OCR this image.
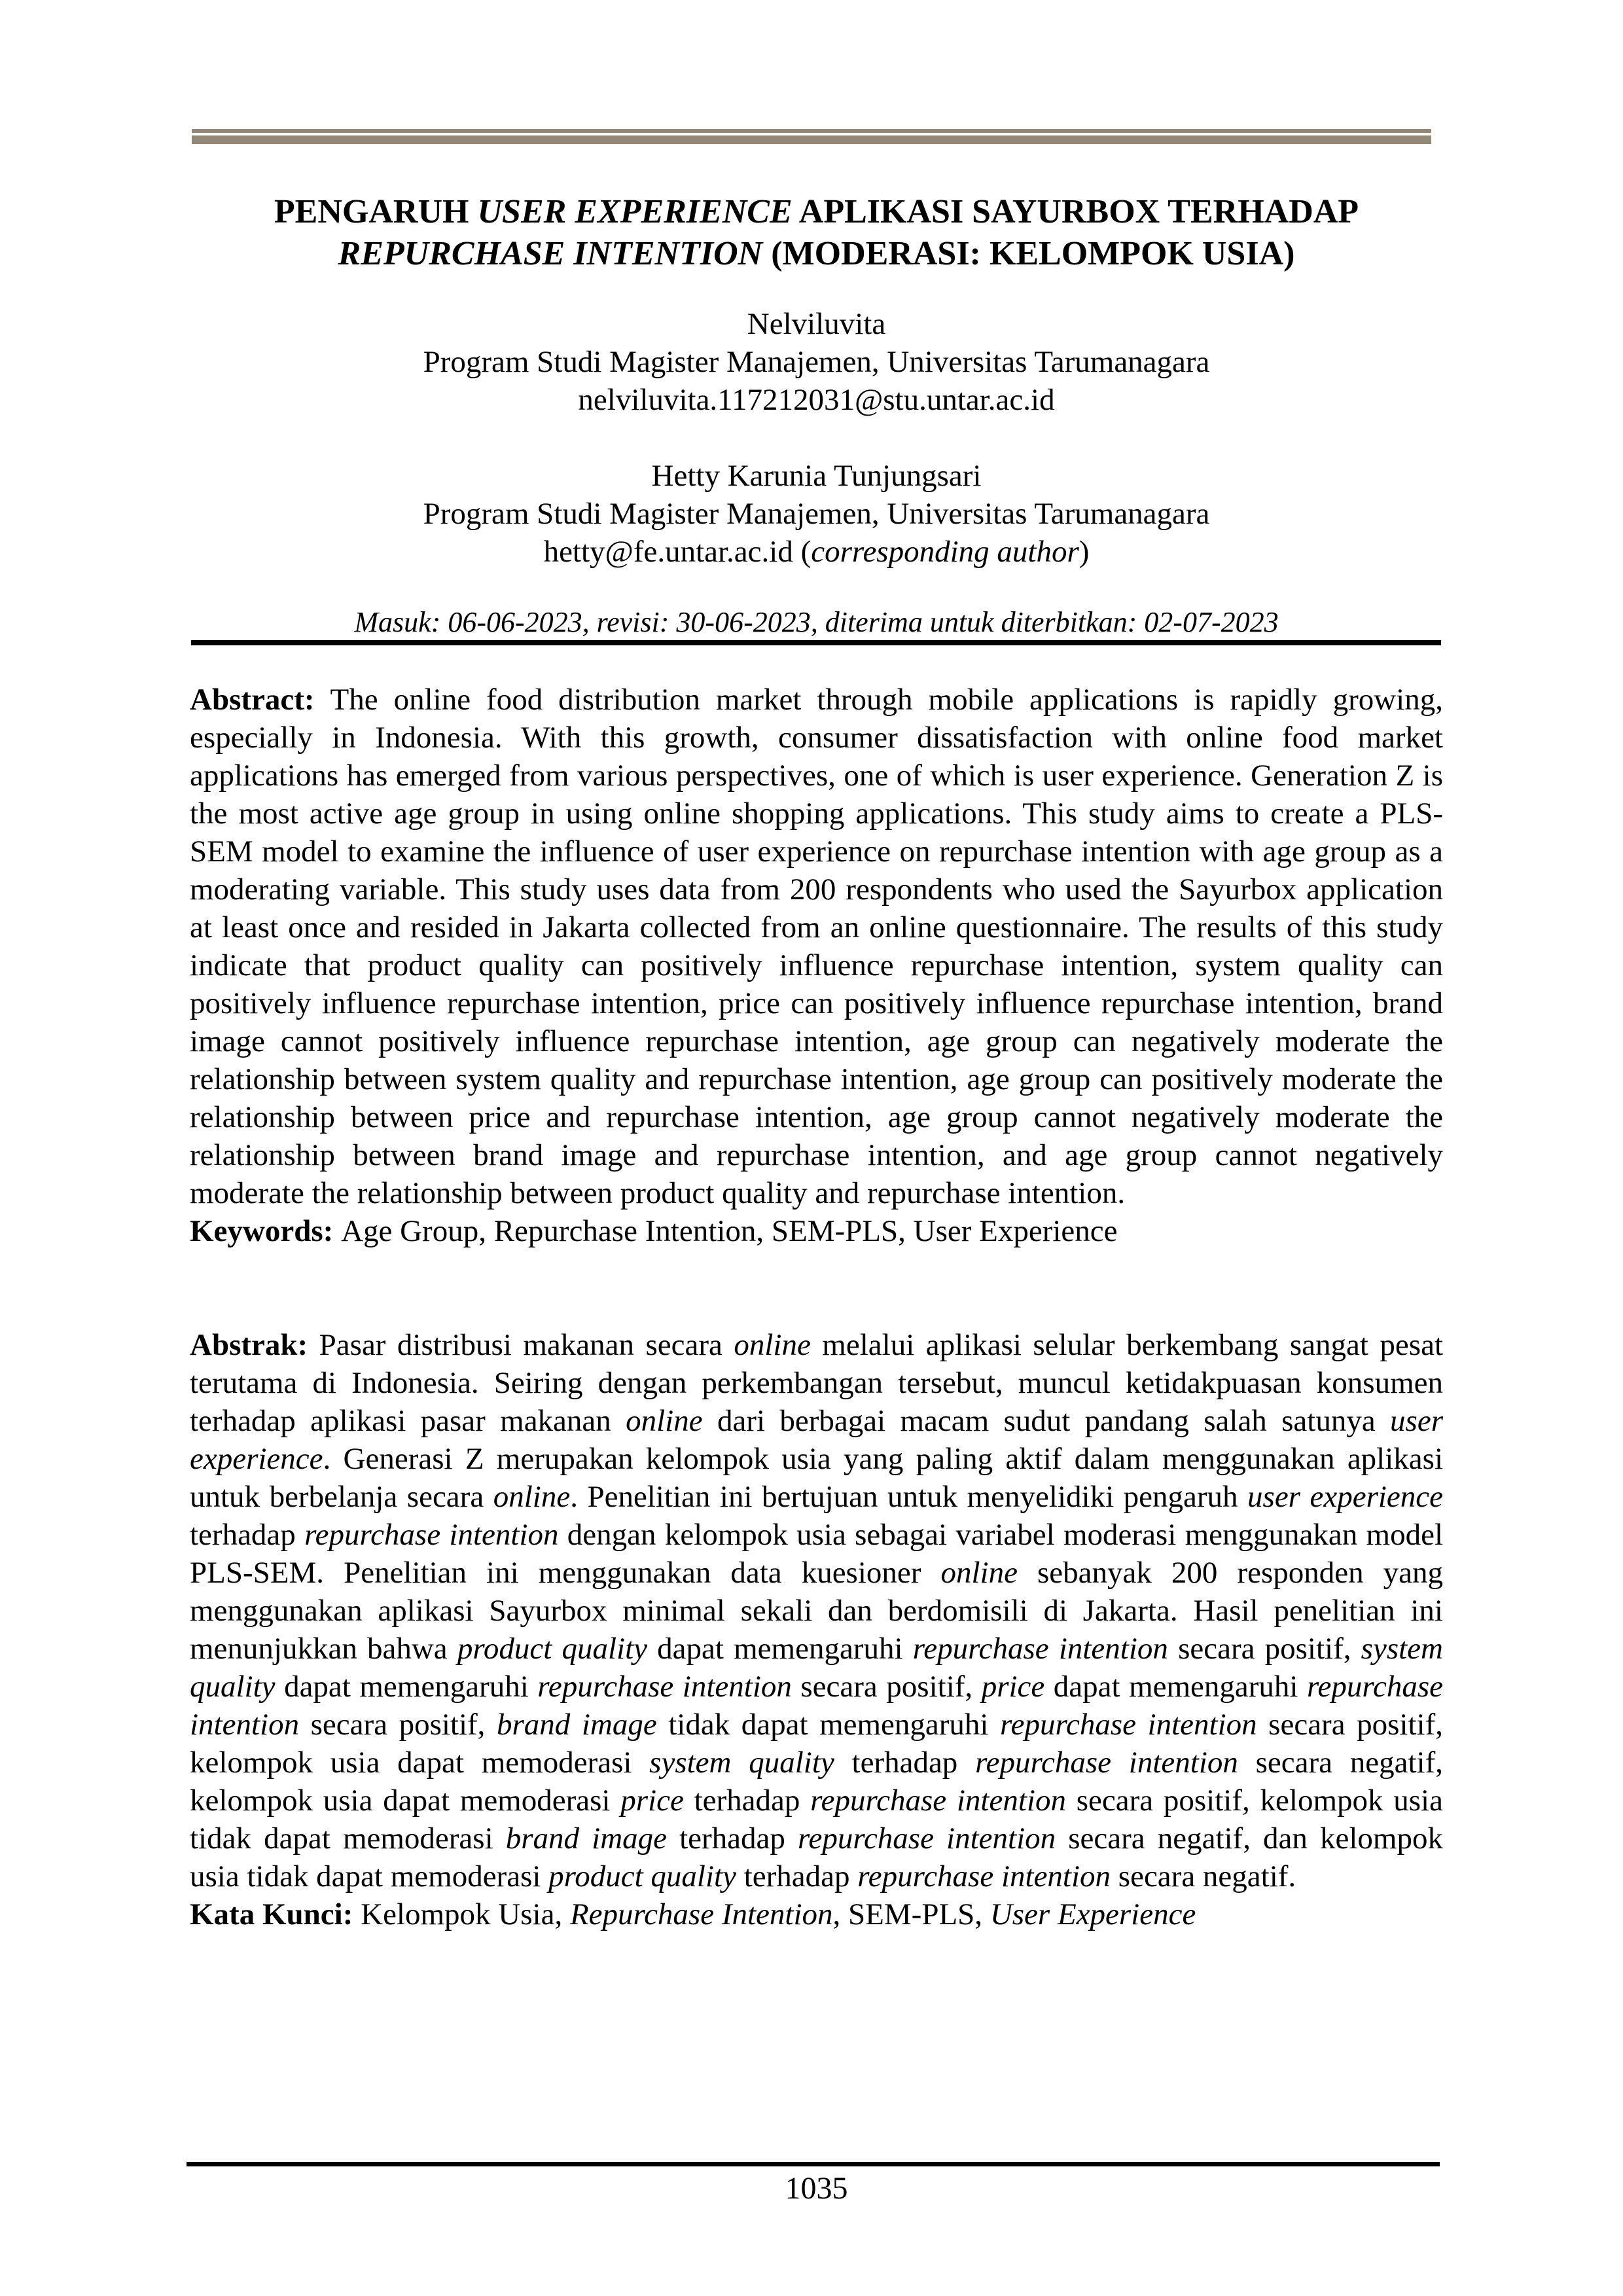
PENGARUH USER EXPERIENCE APLIKASI SAYURBOX TERHADAP
REPURCHASE INTENTION (MODERASI: KELOMPOK USIA)
Nelviluvita
Program Studi Magister Manajemen, Universitas Tarumanagara
nelviluvita.117212031@stu.untar.ac.id
Hetty Karunia Tunjungsari
Program Studi Magister Manajemen, Universitas Tarumanagara
hetty@fe.untar.ac.id (corresponding author)
Masuk: 06-06-2023, revisi: 30-06-2023, diterima untuk diterbitkan: 02-07-2023

Abstract: The online food distribution market through mobile applications is rapidly growing, especially in Indonesia. With this growth, consumer dissatisfaction with online food market applications has emerged from various perspectives, one of which is user experience. Generation Z is the most active age group in using online shopping applications. This study aims to create a PLS-SEM model to examine the influence of user experience on repurchase intention with age group as a moderating variable. This study uses data from 200 respondents who used the Sayurbox application at least once and resided in Jakarta collected from an online questionnaire. The results of this study indicate that product quality can positively influence repurchase intention, system quality can positively influence repurchase intention, price can positively influence repurchase intention, brand image cannot positively influence repurchase intention, age group can negatively moderate the relationship between system quality and repurchase intention, age group can positively moderate the relationship between price and repurchase intention, age group cannot negatively moderate the relationship between brand image and repurchase intention, and age group cannot negatively moderate the relationship between product quality and repurchase intention.

Keywords: Age Group, Repurchase Intention, SEM-PLS, User Experience

Abstrak: Pasar distribusi makanan secara online melalui aplikasi selular berkembang sangat pesat terutama di Indonesia. Seiring dengan perkembangan tersebut, muncul ketidakpuasan konsumen terhadap aplikasi pasar makanan online dari berbagai macam sudut pandang salah satunya user experience. Generasi Z merupakan kelompok usia yang paling aktif dalam menggunakan aplikasi untuk berbelanja secara online. Penelitian ini bertujuan untuk menyelidiki pengaruh user experience terhadap repurchase intention dengan kelompok usia sebagai variabel moderasi menggunakan model PLS-SEM. Penelitian ini menggunakan data kuesioner online sebanyak 200 responden yang menggunakan aplikasi Sayurbox minimal sekali dan berdomisili di Jakarta. Hasil penelitian ini menunjukkan bahwa product quality dapat memengaruhi repurchase intention secara positif, system quality dapat memengaruhi repurchase intention secara positif, price dapat memengaruhi repurchase intention secara positif, brand image tidak dapat memengaruhi repurchase intention secara positif, kelompok usia dapat memoderasi system quality terhadap repurchase intention secara negatif, kelompok usia dapat memoderasi price terhadap repurchase intention secara positif, kelompok usia tidak dapat memoderasi brand image terhadap repurchase intention secara negatif, dan kelompok usia tidak dapat memoderasi product quality terhadap repurchase intention secara negatif.

Kata Kunci: Kelompok Usia, Repurchase Intention, SEM-PLS, User Experience

1035
